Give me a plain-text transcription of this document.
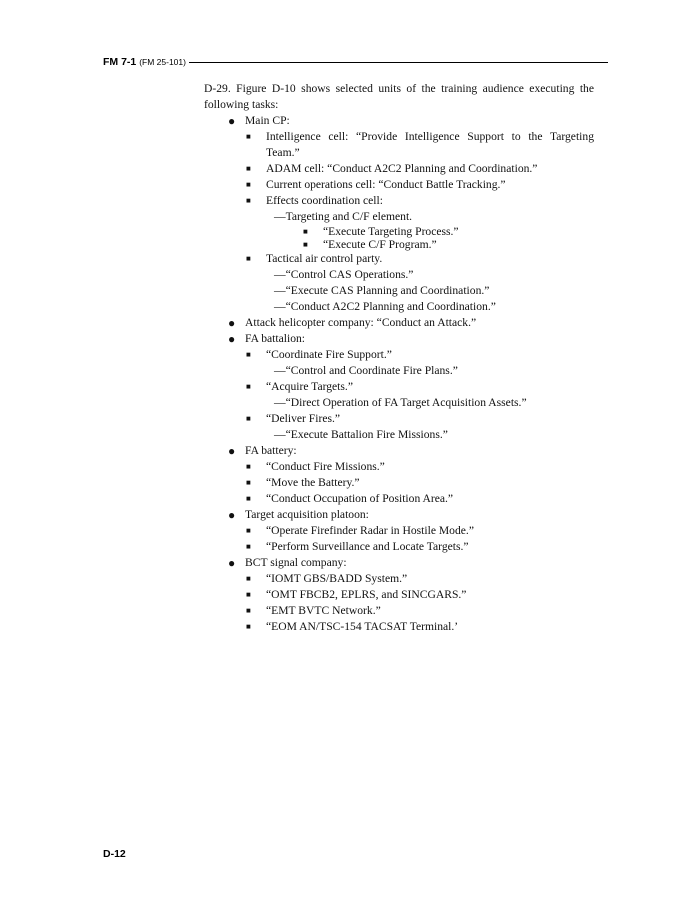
FM 7-1 (FM 25-101)

D-29. Figure D-10 shows selected units of the training audience executing the following tasks:

● Main CP:
■ Intelligence cell: “Provide Intelligence Support to the Targeting Team.”
■ ADAM cell: “Conduct A2C2 Planning and Coordination.”
■ Current operations cell: “Conduct Battle Tracking.”
■ Effects coordination cell:
—Targeting and C/F element.
■ “Execute Targeting Process.”
■ “Execute C/F Program.”
■ Tactical air control party.
—“Control CAS Operations.”
—“Execute CAS Planning and Coordination.”
—“Conduct A2C2 Planning and Coordination.”
● Attack helicopter company: “Conduct an Attack.”
● FA battalion:
■ “Coordinate Fire Support.”
—“Control and Coordinate Fire Plans.”
■ “Acquire Targets.”
—“Direct Operation of FA Target Acquisition Assets.”
■ “Deliver Fires.”
—“Execute Battalion Fire Missions.”
● FA battery:
■ “Conduct Fire Missions.”
■ “Move the Battery.”
■ “Conduct Occupation of Position Area.”
● Target acquisition platoon:
■ “Operate Firefinder Radar in Hostile Mode.”
■ “Perform Surveillance and Locate Targets.”
● BCT signal company:
■ “IOMT GBS/BADD System.”
■ “OMT FBCB2, EPLRS, and SINCGARS.”
■ “EMT BVTC Network.”
■ “EOM AN/TSC-154 TACSAT Terminal.’
D-12
